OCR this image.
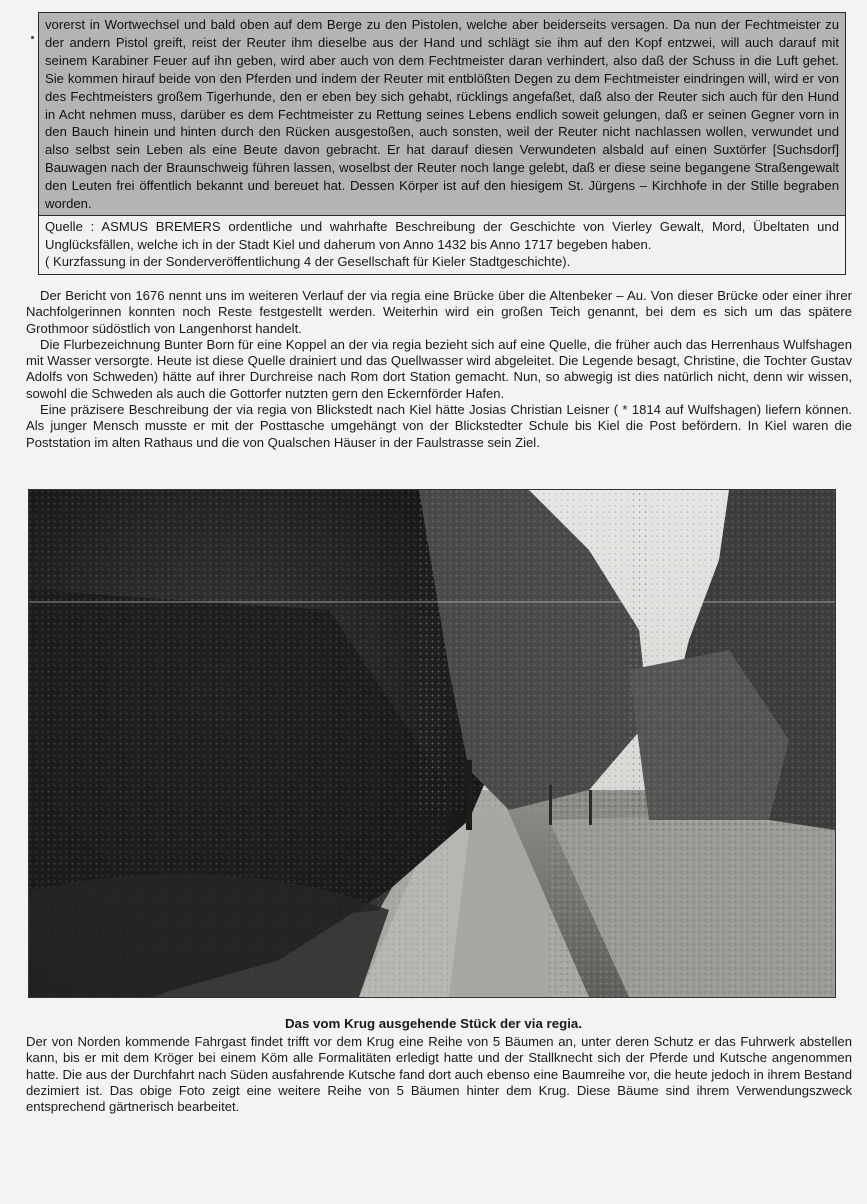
vorerst in Wortwechsel und bald oben auf dem Berge zu den Pistolen, welche aber beiderseits versagen. Da nun der Fechtmeister zu der andern Pistol greift, reist der Reuter ihm dieselbe aus der Hand und schlägt sie ihm auf den Kopf entzwei, will auch darauf mit seinem Karabiner Feuer auf ihn geben, wird aber auch von dem Fechtmeister daran verhindert, also daß der Schuss in die Luft gehet. Sie kommen hirauf beide von den Pferden und indem der Reuter mit entblößten Degen zu dem Fechtmeister eindringen will, wird er von des Fechtmeisters großem Tigerhunde, den er eben bey sich gehabt, rücklings angefaßet, daß also der Reuter sich auch für den Hund in Acht nehmen muss, darüber es dem Fechtmeister zu Rettung seines Lebens endlich soweit gelungen, daß er seinen Gegner vorn in den Bauch hinein und hinten durch den Rücken ausgestoßen, auch sonsten, weil der Reuter nicht nachlassen wollen, verwundet und also selbst sein Leben als eine Beute davon gebracht. Er hat darauf diesen Verwundeten alsbald auf einen Suxtörfer [Suchsdorf] Bauwagen nach der Braunschweig führen lassen, woselbst der Reuter noch lange gelebt, daß er diese seine begangene Straßengewalt den Leuten frei öffentlich bekannt und bereuet hat. Dessen Körper ist auf den hiesigem St. Jürgens – Kirchhofe in der Stille begraben worden.

Quelle : ASMUS BREMERS ordentliche und wahrhafte Beschreibung der Geschichte von Vierley Gewalt, Mord, Übeltaten und Unglücksfällen, welche ich in der Stadt Kiel und daherum von Anno 1432 bis Anno 1717 begeben haben.
( Kurzfassung in der Sonderveröffentlichung 4 der Gesellschaft für Kieler Stadtgeschichte).

Der Bericht von 1676 nennt uns im weiteren Verlauf der via regia eine Brücke über die Altenbeker – Au. Von dieser Brücke oder einer ihrer Nachfolgerinnen konnten noch Reste festgestellt werden. Weiterhin wird ein großen Teich genannt, bei dem es sich um das spätere Grothmoor südöstlich von Langenhorst handelt.

Die Flurbezeichnung Bunter Born für eine Koppel an der via regia bezieht sich auf eine Quelle, die früher auch das Herrenhaus Wulfshagen mit Wasser versorgte. Heute ist diese Quelle drainiert und das Quellwasser wird abgeleitet. Die Legende besagt, Christine, die Tochter Gustav Adolfs von Schweden) hätte auf ihrer Durchreise nach Rom dort Station gemacht. Nun, so abwegig ist dies natürlich nicht, denn wir wissen, sowohl die Schweden als auch die Gottorfer nutzten gern den Eckernförder Hafen.

Eine präzisere Beschreibung der via regia von Blickstedt nach Kiel hätte Josias Christian Leisner ( * 1814 auf Wulfshagen) liefern können. Als junger Mensch musste er mit der Posttasche umgehängt von der Blickstedter Schule bis Kiel die Post befördern. In Kiel waren die Poststation im alten Rathaus und die von Qualschen Häuser in der Faulstrasse sein Ziel.

Das vom Krug ausgehende Stück der via regia.

Der von Norden kommende Fahrgast findet trifft vor dem Krug eine Reihe von 5 Bäumen an, unter deren Schutz er das Fuhrwerk abstellen kann, bis er mit dem Kröger bei einem Köm alle Formalitäten erledigt hatte und der Stallknecht sich der Pferde und Kutsche angenommen hatte. Die aus der Durchfahrt nach Süden ausfahrende Kutsche fand dort auch ebenso eine Baumreihe vor, die heute jedoch in ihrem Bestand dezimiert ist. Das obige Foto zeigt eine weitere Reihe von 5 Bäumen hinter dem Krug. Diese Bäume sind ihrem Verwendungszweck entsprechend gärtnerisch bearbeitet.
